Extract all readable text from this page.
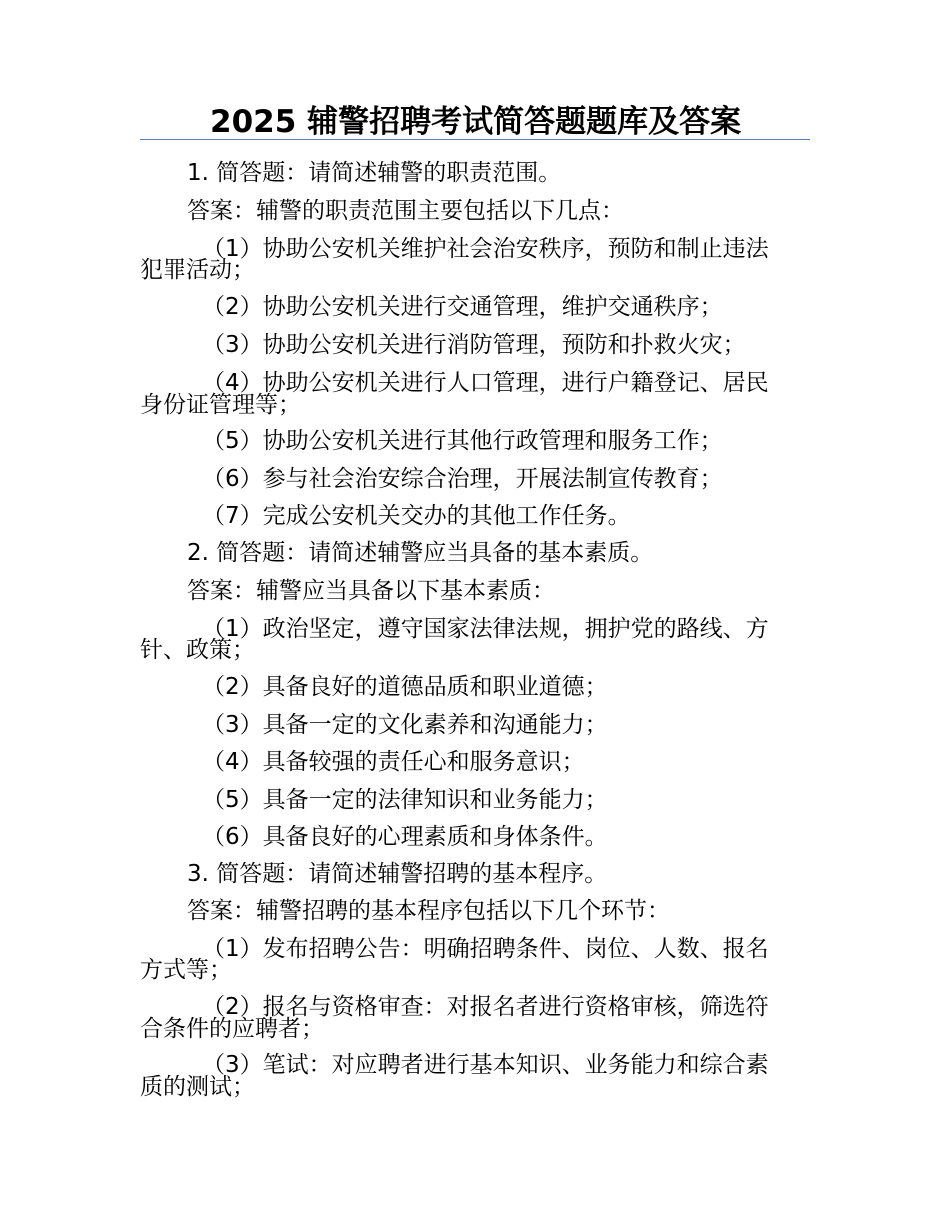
2025 辅警招聘考试简答题题库及答案

1. 简答题：请简述辅警的职责范围。

答案：辅警的职责范围主要包括以下几点：

（1）协助公安机关维护社会治安秩序，预防和制止违法

犯罪活动；

（2）协助公安机关进行交通管理，维护交通秩序；

（3）协助公安机关进行消防管理，预防和扑救火灾；

（4）协助公安机关进行人口管理，进行户籍登记、居民

身份证管理等；

（5）协助公安机关进行其他行政管理和服务工作；

（6）参与社会治安综合治理，开展法制宣传教育；

（7）完成公安机关交办的其他工作任务。

2. 简答题：请简述辅警应当具备的基本素质。

答案：辅警应当具备以下基本素质：

（1）政治坚定，遵守国家法律法规，拥护党的路线、方

针、政策；

（2）具备良好的道德品质和职业道德；

（3）具备一定的文化素养和沟通能力；

（4）具备较强的责任心和服务意识；

（5）具备一定的法律知识和业务能力；

（6）具备良好的心理素质和身体条件。

3. 简答题：请简述辅警招聘的基本程序。

答案：辅警招聘的基本程序包括以下几个环节：

（1）发布招聘公告：明确招聘条件、岗位、人数、报名

方式等；

（2）报名与资格审查：对报名者进行资格审核，筛选符

合条件的应聘者；

（3）笔试：对应聘者进行基本知识、业务能力和综合素

质的测试；
